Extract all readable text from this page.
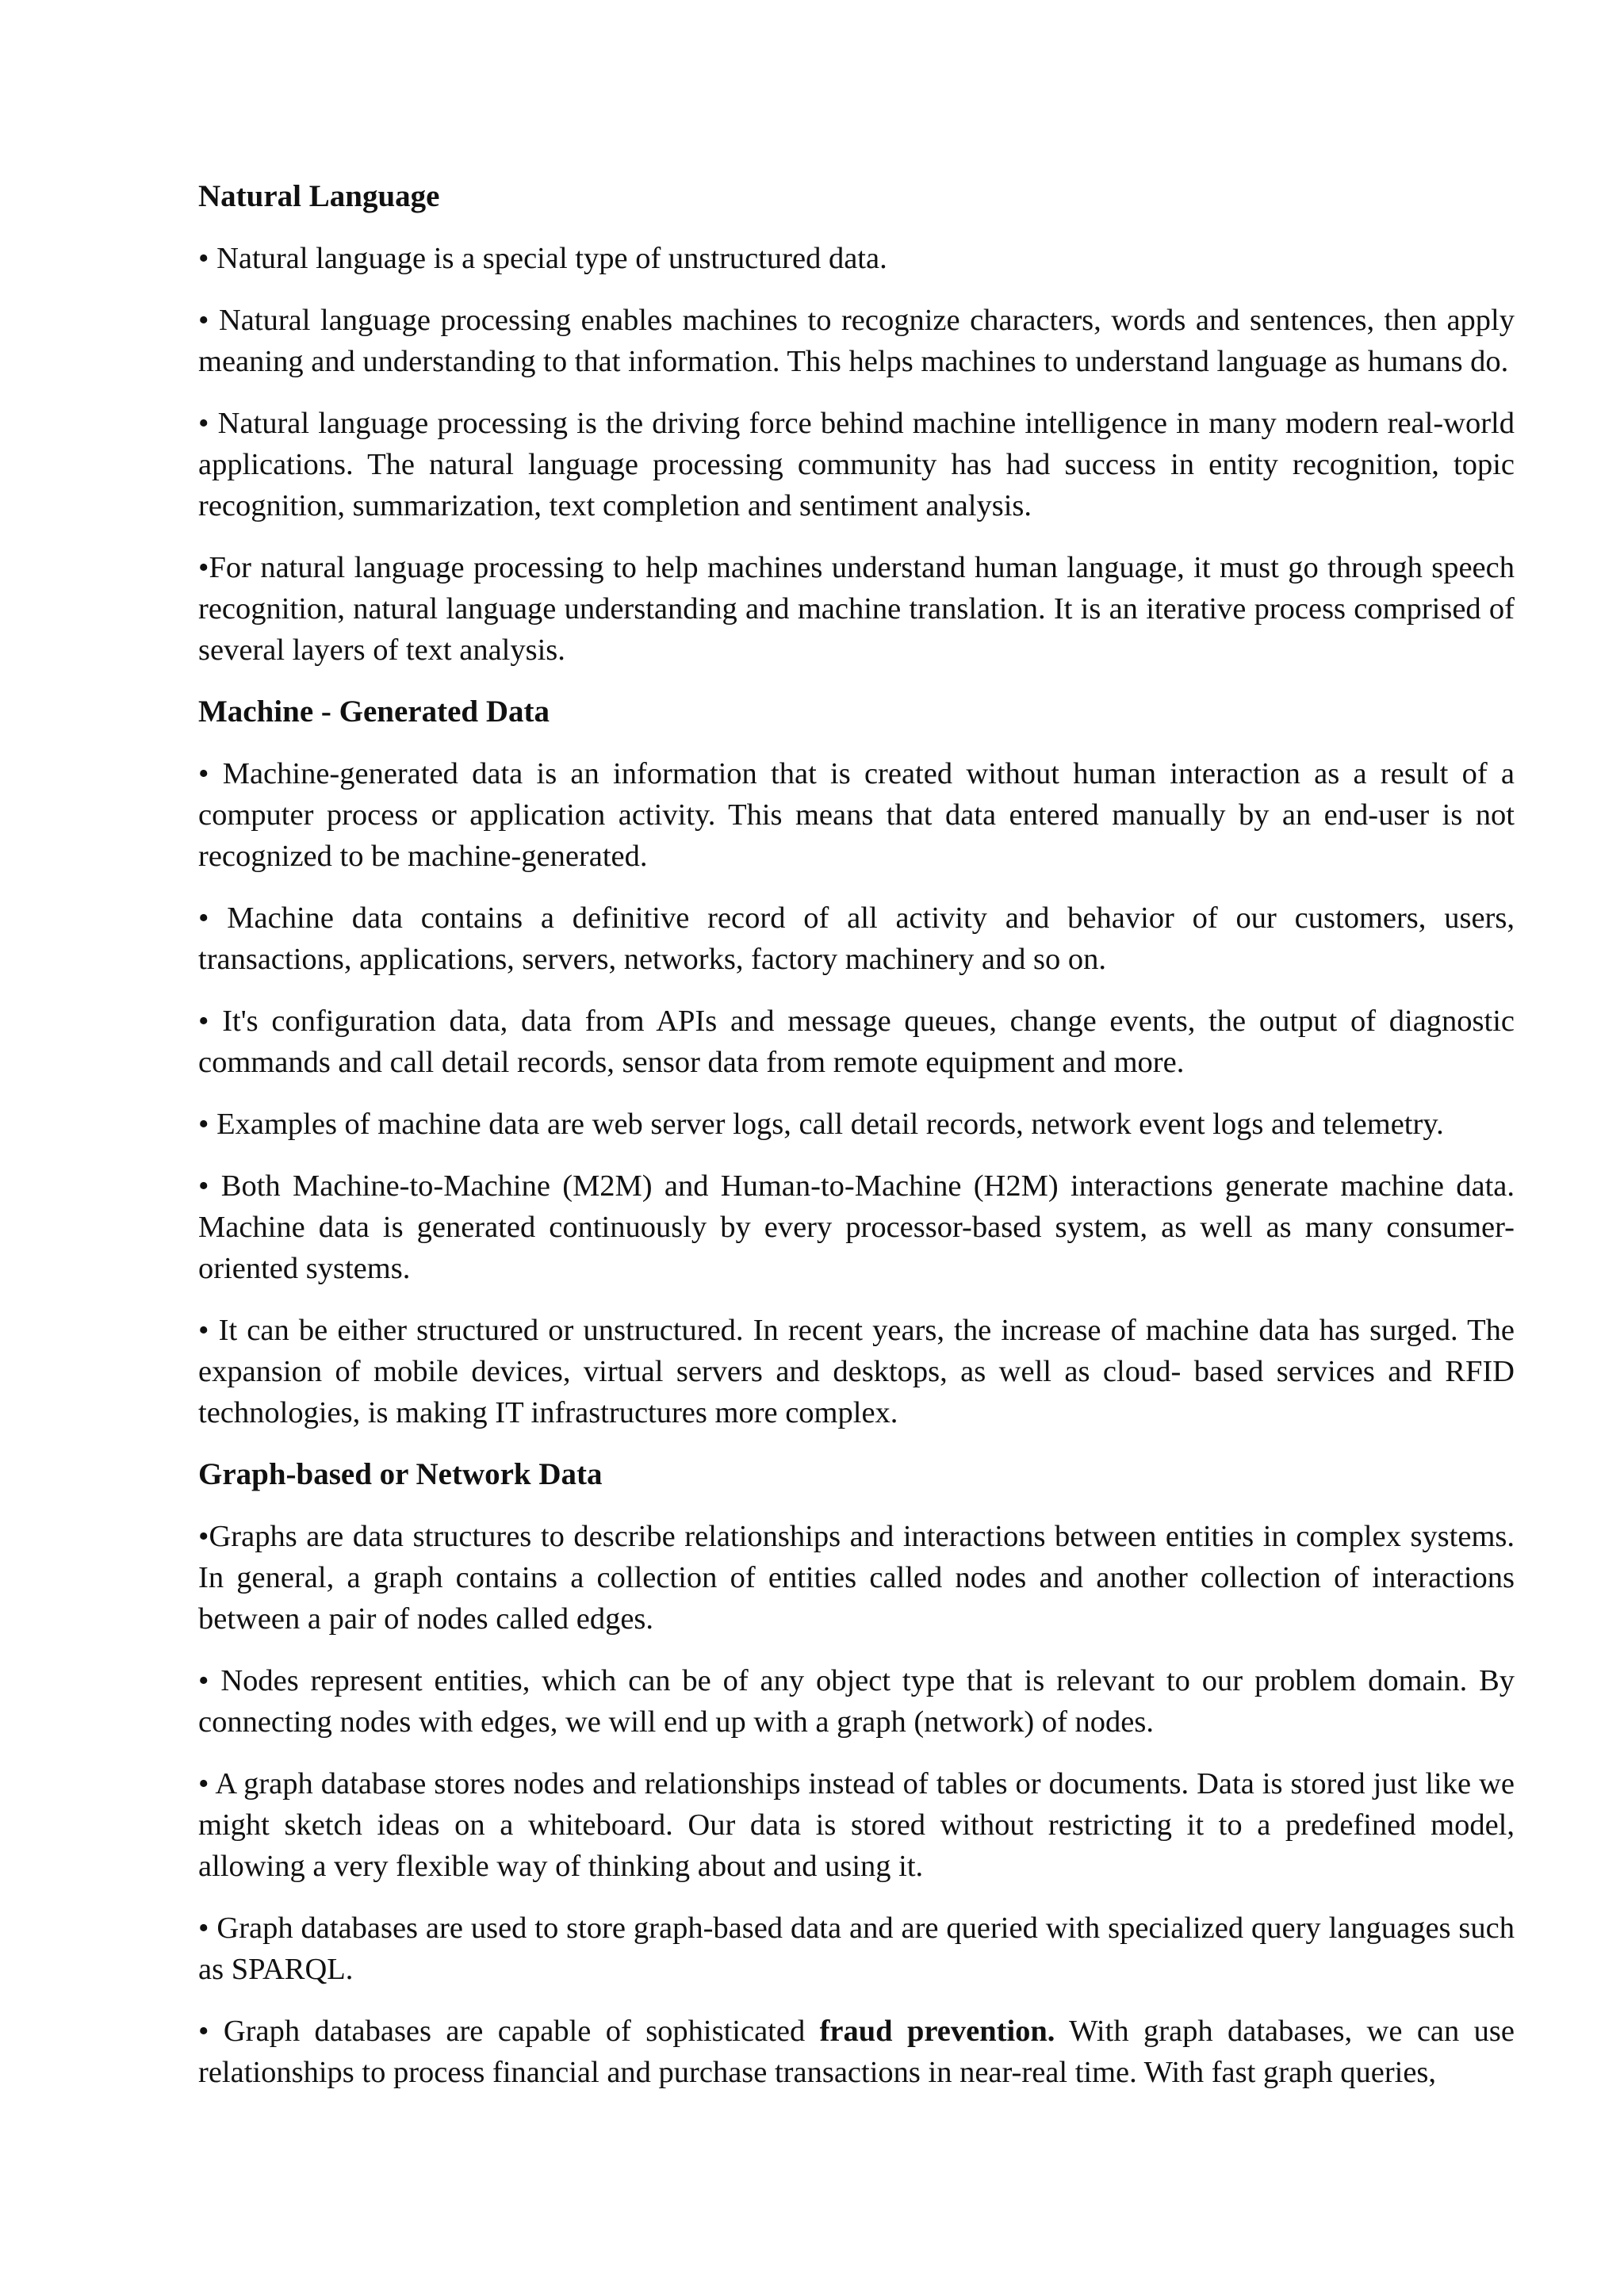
Natural Language

• Natural language is a special type of unstructured data.

• Natural language processing enables machines to recognize characters, words and sentences, then apply meaning and understanding to that information. This helps machines to understand language as humans do.

• Natural language processing is the driving force behind machine intelligence in many modern real-world applications. The natural language processing community has had success in entity recognition, topic recognition, summarization, text completion and sentiment analysis.

•For natural language processing to help machines understand human language, it must go through speech recognition, natural language understanding and machine translation. It is an iterative process comprised of several layers of text analysis.

Machine - Generated Data

• Machine-generated data is an information that is created without human interaction as a result of a computer process or application activity. This means that data entered manually by an end-user is not recognized to be machine-generated.

• Machine data contains a definitive record of all activity and behavior of our customers, users, transactions, applications, servers, networks, factory machinery and so on.

• It's configuration data, data from APIs and message queues, change events, the output of diagnostic commands and call detail records, sensor data from remote equipment and more.

• Examples of machine data are web server logs, call detail records, network event logs and telemetry.

• Both Machine-to-Machine (M2M) and Human-to-Machine (H2M) interactions generate machine data. Machine data is generated continuously by every processor-based system, as well as many consumer-oriented systems.

• It can be either structured or unstructured. In recent years, the increase of machine data has surged. The expansion of mobile devices, virtual servers and desktops, as well as cloud- based services and RFID technologies, is making IT infrastructures more complex.

Graph-based or Network Data

•Graphs are data structures to describe relationships and interactions between entities in complex systems. In general, a graph contains a collection of entities called nodes and another collection of interactions between a pair of nodes called edges.

• Nodes represent entities, which can be of any object type that is relevant to our problem domain. By connecting nodes with edges, we will end up with a graph (network) of nodes.

• A graph database stores nodes and relationships instead of tables or documents. Data is stored just like we might sketch ideas on a whiteboard. Our data is stored without restricting it to a predefined model, allowing a very flexible way of thinking about and using it.

• Graph databases are used to store graph-based data and are queried with specialized query languages such as SPARQL.

• Graph databases are capable of sophisticated fraud prevention. With graph databases, we can use relationships to process financial and purchase transactions in near-real time. With fast graph queries,
